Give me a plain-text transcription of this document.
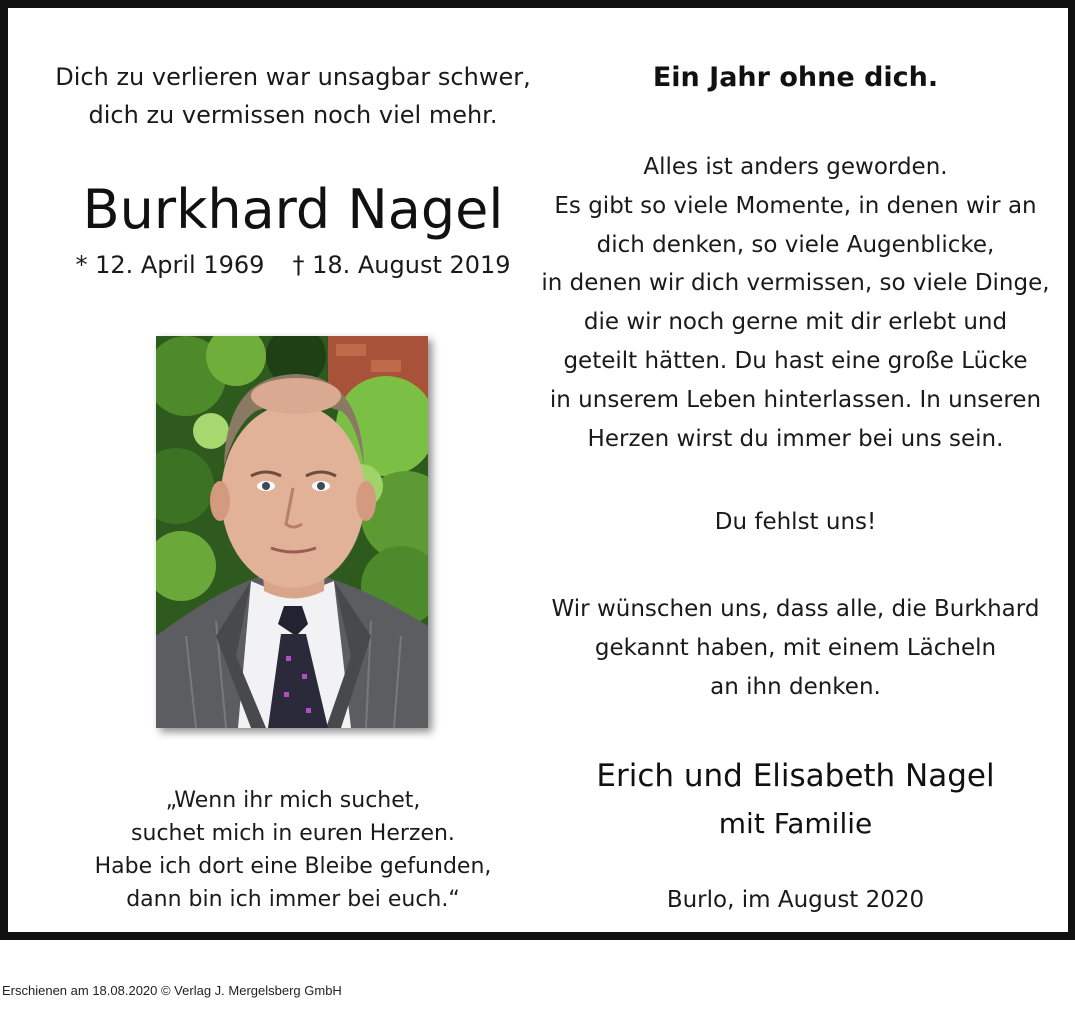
Dich zu verlieren war unsagbar schwer,
dich zu vermissen noch viel mehr.
Burkhard Nagel
* 12. April 1969 † 18. August 2019
„Wenn ihr mich suchet,
suchet mich in euren Herzen.
Habe ich dort eine Bleibe gefunden,
dann bin ich immer bei euch.“
Ein Jahr ohne dich.
Alles ist anders geworden.
Es gibt so viele Momente, in denen wir an
dich denken, so viele Augenblicke,
in denen wir dich vermissen, so viele Dinge,
die wir noch gerne mit dir erlebt und
geteilt hätten. Du hast eine große Lücke
in unserem Leben hinterlassen. In unseren
Herzen wirst du immer bei uns sein.
Du fehlst uns!
Wir wünschen uns, dass alle, die Burkhard
gekannt haben, mit einem Lächeln
an ihn denken.
Erich und Elisabeth Nagel
mit Familie
Burlo, im August 2020
Erschienen am 18.08.2020 © Verlag J. Mergelsberg GmbH
